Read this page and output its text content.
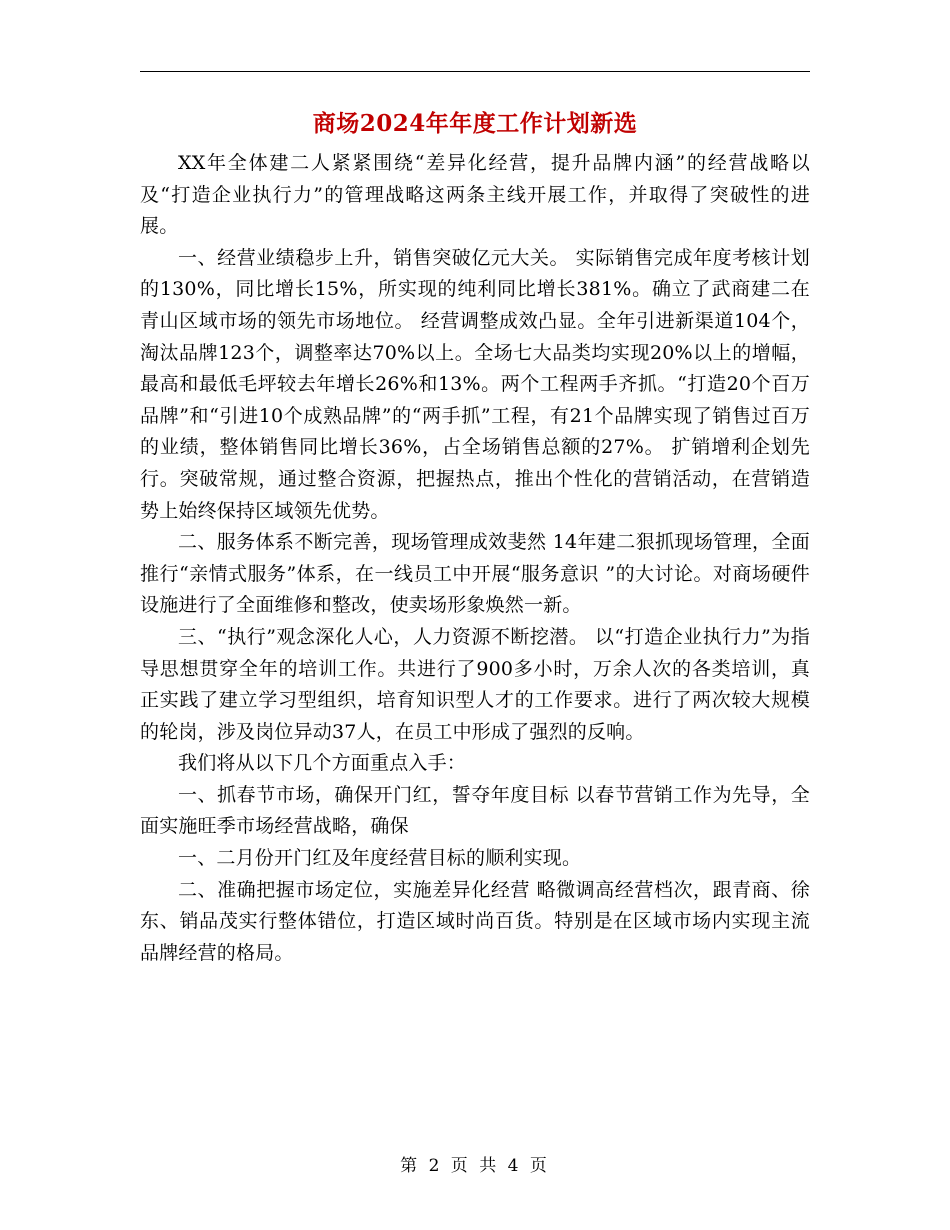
商场2024年年度工作计划新选

XX年全体建二人紧紧围绕“差异化经营，提升品牌内涵”的经营战略以及“打造企业执行力”的管理战略这两条主线开展工作，并取得了突破性的进展。

一、经营业绩稳步上升，销售突破亿元大关。 实际销售完成年度考核计划的130%，同比增长15%，所实现的纯利同比增长381%。确立了武商建二在青山区域市场的领先市场地位。 经营调整成效凸显。全年引进新渠道104个，淘汰品牌123个，调整率达70%以上。全场七大品类均实现20%以上的增幅，最高和最低毛坪较去年增长26%和13%。两个工程两手齐抓。“打造20个百万品牌”和“引进10个成熟品牌”的“两手抓”工程，有21个品牌实现了销售过百万的业绩，整体销售同比增长36%，占全场销售总额的27%。 扩销增利企划先行。突破常规，通过整合资源，把握热点，推出个性化的营销活动，在营销造势上始终保持区域领先优势。

二、服务体系不断完善，现场管理成效斐然 14年建二狠抓现场管理，全面推行“亲情式服务”体系，在一线员工中开展“服务意识 ”的大讨论。对商场硬件设施进行了全面维修和整改，使卖场形象焕然一新。

三、“执行”观念深化人心，人力资源不断挖潜。 以“打造企业执行力”为指导思想贯穿全年的培训工作。共进行了900多小时，万余人次的各类培训，真正实践了建立学习型组织，培育知识型人才的工作要求。进行了两次较大规模的轮岗，涉及岗位异动37人，在员工中形成了强烈的反响。

我们将从以下几个方面重点入手：

一、抓春节市场，确保开门红，誓夺年度目标 以春节营销工作为先导，全面实施旺季市场经营战略，确保

一、二月份开门红及年度经营目标的顺利实现。

二、准确把握市场定位，实施差异化经营 略微调高经营档次，跟青商、徐东、销品茂实行整体错位，打造区域时尚百货。特别是在区域市场内实现主流品牌经营的格局。

第 2 页 共 4 页
